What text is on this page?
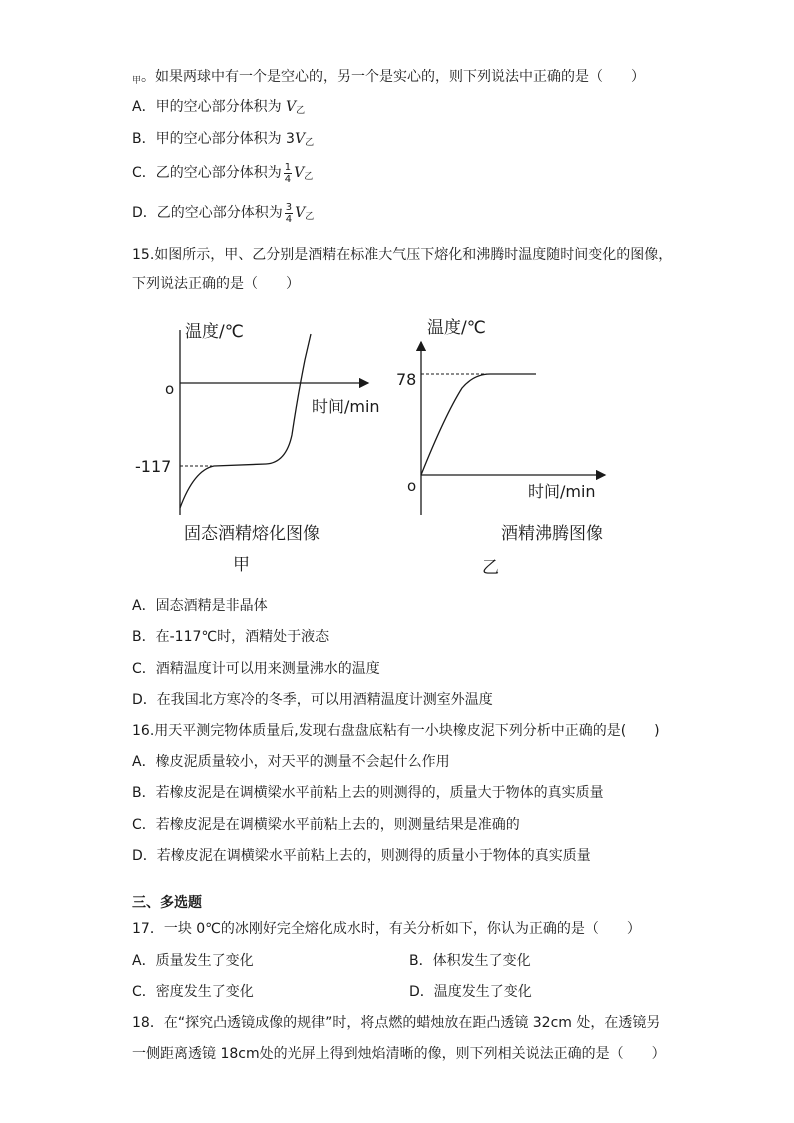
$_甲$。如果两球中有一个是空心的，另一个是实心的，则下列说法中正确的是（　　）
A．甲的空心部分体积为 $V_乙$
B．甲的空心部分体积为 $3V_乙$
C．乙的空心部分体积为 $\frac{1}{4} V_乙$
D．乙的空心部分体积为 $\frac{3}{4} V_乙$
15.如图所示，甲、乙分别是酒精在标准大气压下熔化和沸腾时温度随时间变化的图像，
下列说法正确的是（　　）
温度/℃
o
时间/min
-117
固态酒精熔化图像
甲
温度/℃
78
o	时间/min
酒精沸腾图像
乙
A．固态酒精是非晶体
B．在-117℃时，酒精处于液态
C．酒精温度计可以用来测量沸水的温度
D．在我国北方寒冷的冬季，可以用酒精温度计测室外温度
16.用天平测完物体质量后,发现右盘盘底粘有一小块橡皮泥下列分析中正确的是(　　)
A．橡皮泥质量较小，对天平的测量不会起什么作用
B．若橡皮泥是在调横梁水平前粘上去的则测得的，质量大于物体的真实质量
C．若橡皮泥是在调横梁水平前粘上去的，则测量结果是准确的
D．若橡皮泥在调横梁水平前粘上去的，则测得的质量小于物体的真实质量
三、多选题
17．一块 0℃的冰刚好完全熔化成水时，有关分析如下，你认为正确的是（　　）
A．质量发生了变化	B．体积发生了变化
C．密度发生了变化	D．温度发生了变化
18．在“探究凸透镜成像的规律”时，将点燃的蜡烛放在距凸透镜 32cm 处，在透镜另
一侧距离透镜 18cm处的光屏上得到烛焰清晰的像，则下列相关说法正确的是（　　）
